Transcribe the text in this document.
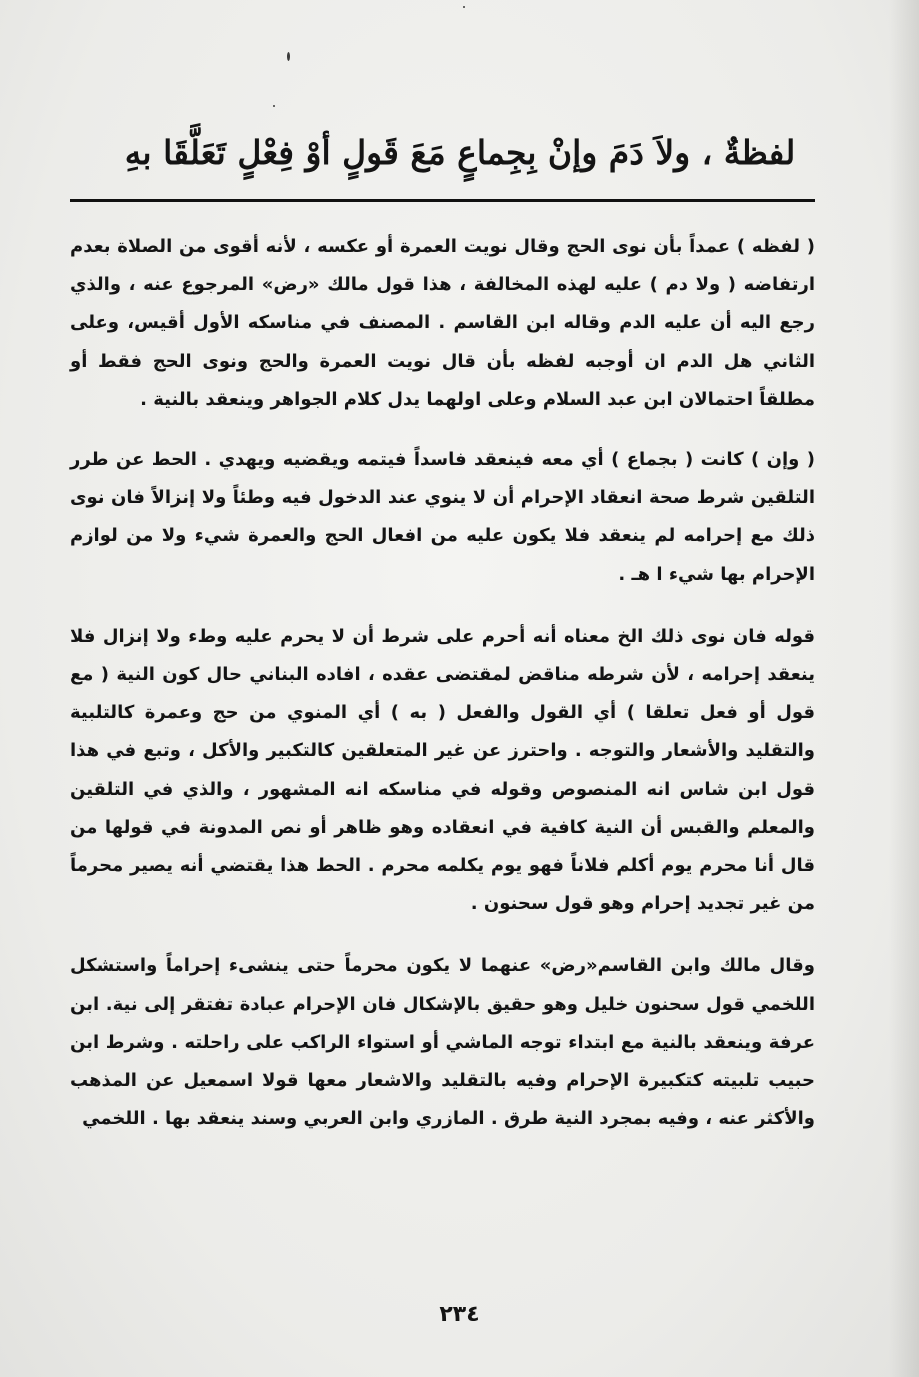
لفظةٌ ، ولاَ دَمَ وإنْ بِجِماعٍ مَعَ قَولٍ أوْ فِعْلٍ تَعَلَّقَا بهِ

( لفظه ) عمداً بأن نوى الحج وقال نويت العمرة أو عكسه ، لأنه أقوى من الصلاة بعدم ارتفاضه ( ولا دم ) عليه لهذه المخالفة ، هذا قول مالك «رض» المرجوع عنه ، والذي رجع اليه أن عليه الدم وقاله ابن القاسم . المصنف في مناسكه الأول أقيس، وعلى الثاني هل الدم ان أوجبه لفظه بأن قال نويت العمرة والحج ونوى الحج فقط أو مطلقاً احتمالان ابن عبد السلام وعلى اولهما يدل كلام الجواهر وينعقد بالنية .

( وإن ) كانت ( بجماع ) أي معه فينعقد فاسداً فيتمه ويقضيه ويهدي . الحط عن طرر التلقين شرط صحة انعقاد الإحرام أن لا ينوي عند الدخول فيه وطئاً ولا إنزالاً فان نوى ذلك مع إحرامه لم ينعقد فلا يكون عليه من افعال الحج والعمرة شيء ولا من لوازم الإحرام بها شيء ا هـ .

قوله فان نوى ذلك الخ معناه أنه أحرم على شرط أن لا يحرم عليه وطء ولا إنزال فلا ينعقد إحرامه ، لأن شرطه مناقض لمقتضى عقده ، افاده البناني حال كون النية ( مع قول أو فعل تعلقا ) أي القول والفعل ( به ) أي المنوي من حج وعمرة كالتلبية والتقليد والأشعار والتوجه . واحترز عن غير المتعلقين كالتكبير والأكل ، وتبع في هذا قول ابن شاس انه المنصوص وقوله في مناسكه انه المشهور ، والذي في التلقين والمعلم والقبس أن النية كافية في انعقاده وهو ظاهر أو نص المدونة في قولها من قال أنا محرم يوم أكلم فلاناً فهو يوم يكلمه محرم . الحط هذا يقتضي أنه يصير محرماً من غير تجديد إحرام وهو قول سحنون .

وقال مالك وابن القاسم«رض» عنهما لا يكون محرماً حتى ينشىء إحراماً واستشكل اللخمي قول سحنون خليل وهو حقيق بالإشكال فان الإحرام عبادة تفتقر إلى نية. ابن عرفة وينعقد بالنية مع ابتداء توجه الماشي أو استواء الراكب على راحلته . وشرط ابن حبيب تلبيته كتكبيرة الإحرام وفيه بالتقليد والاشعار معها قولا اسمعيل عن المذهب والأكثر عنه ، وفيه بمجرد النية طرق . المازري وابن العربي وسند ينعقد بها . اللخمي

٢٣٤
